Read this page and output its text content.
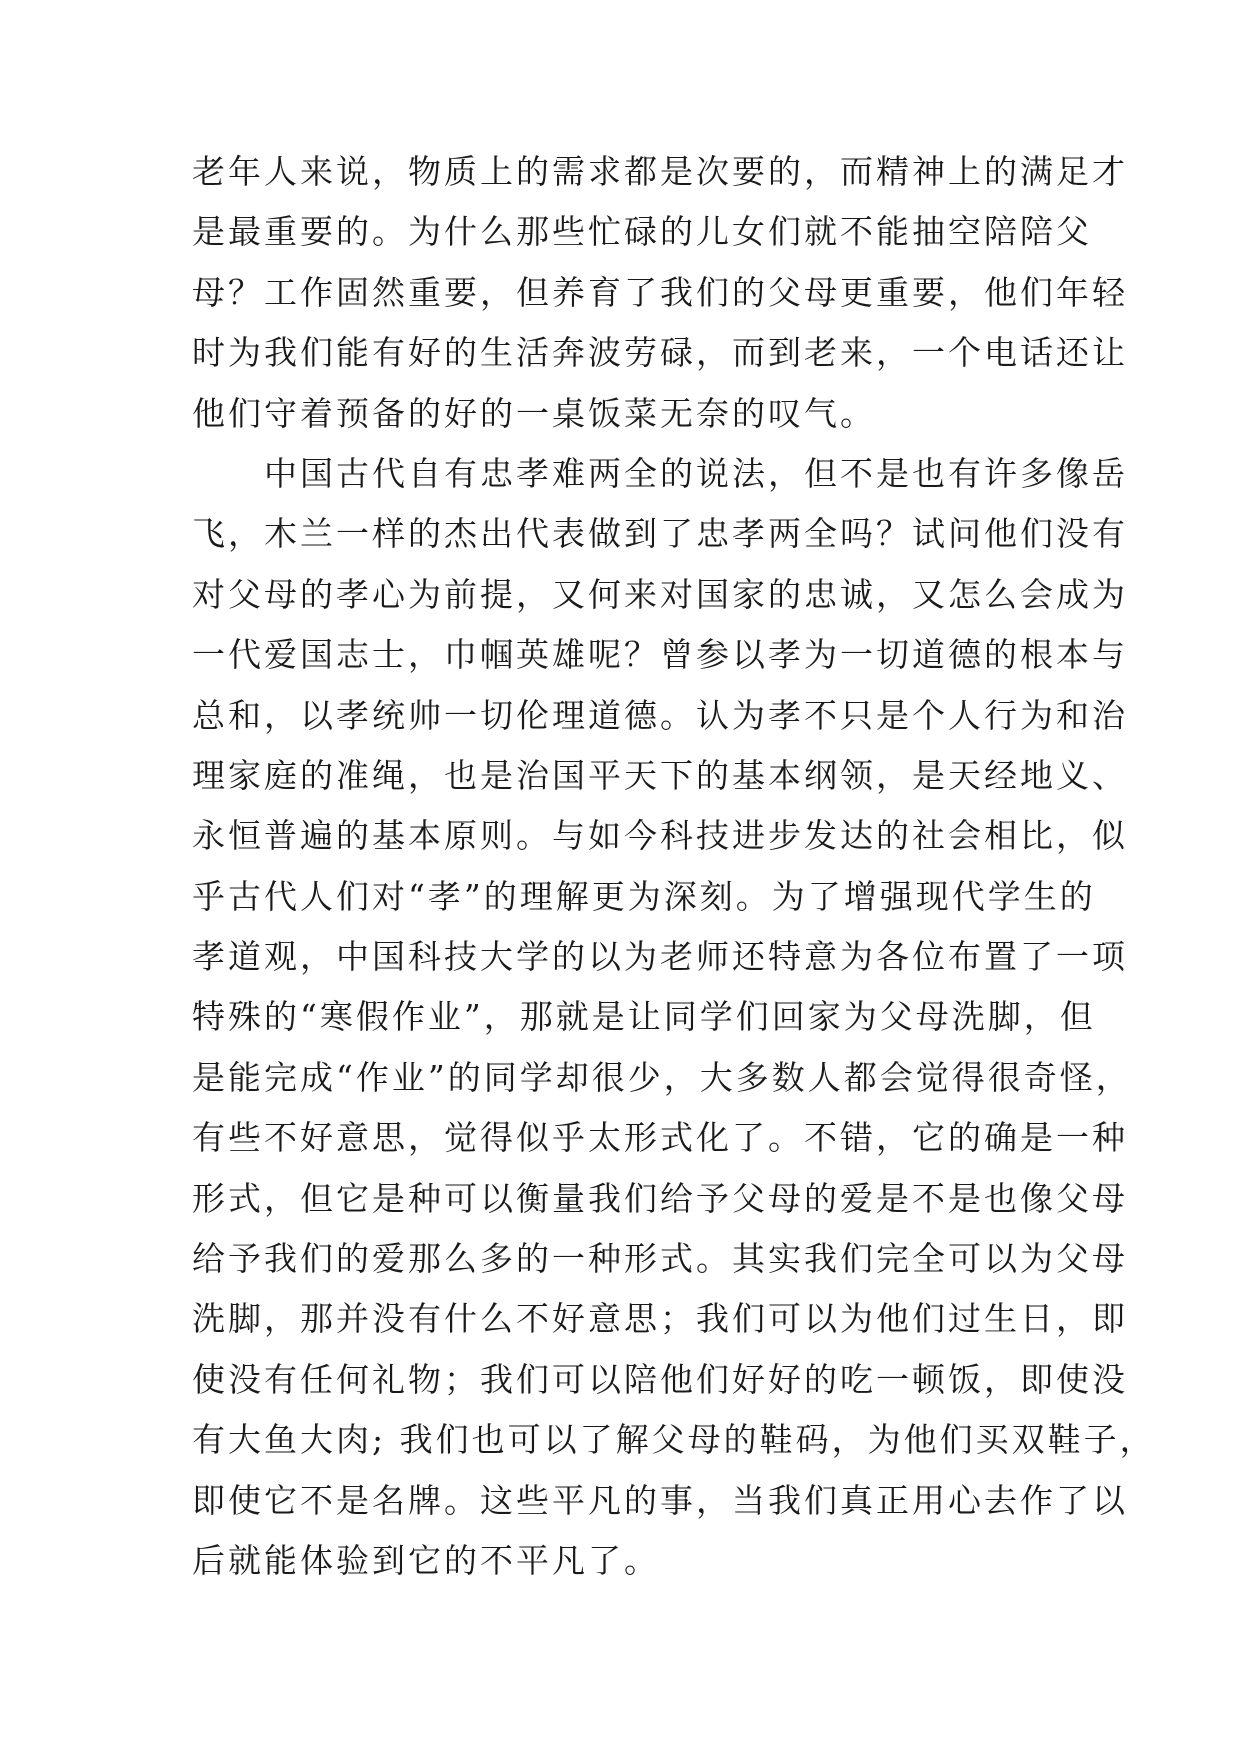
老年人来说，物质上的需求都是次要的，而精神上的满足才
是最重要的。为什么那些忙碌的儿女们就不能抽空陪陪父
母？工作固然重要，但养育了我们的父母更重要，他们年轻
时为我们能有好的生活奔波劳碌，而到老来，一个电话还让
他们守着预备的好的一桌饭菜无奈的叹气。
　　中国古代自有忠孝难两全的说法，但不是也有许多像岳
飞，木兰一样的杰出代表做到了忠孝两全吗？试问他们没有
对父母的孝心为前提，又何来对国家的忠诚，又怎么会成为
一代爱国志士，巾帼英雄呢？曾参以孝为一切道德的根本与
总和，以孝统帅一切伦理道德。认为孝不只是个人行为和治
理家庭的准绳，也是治国平天下的基本纲领，是天经地义、
永恒普遍的基本原则。与如今科技进步发达的社会相比，似
乎古代人们对“孝”的理解更为深刻。为了增强现代学生的
孝道观，中国科技大学的以为老师还特意为各位布置了一项
特殊的“寒假作业”，那就是让同学们回家为父母洗脚，但
是能完成“作业”的同学却很少，大多数人都会觉得很奇怪，
有些不好意思，觉得似乎太形式化了。不错，它的确是一种
形式，但它是种可以衡量我们给予父母的爱是不是也像父母
给予我们的爱那么多的一种形式。其实我们完全可以为父母
洗脚，那并没有什么不好意思；我们可以为他们过生日，即
使没有任何礼物；我们可以陪他们好好的吃一顿饭，即使没
有大鱼大肉; 我们也可以了解父母的鞋码，为他们买双鞋子，
即使它不是名牌。这些平凡的事，当我们真正用心去作了以
后就能体验到它的不平凡了。
